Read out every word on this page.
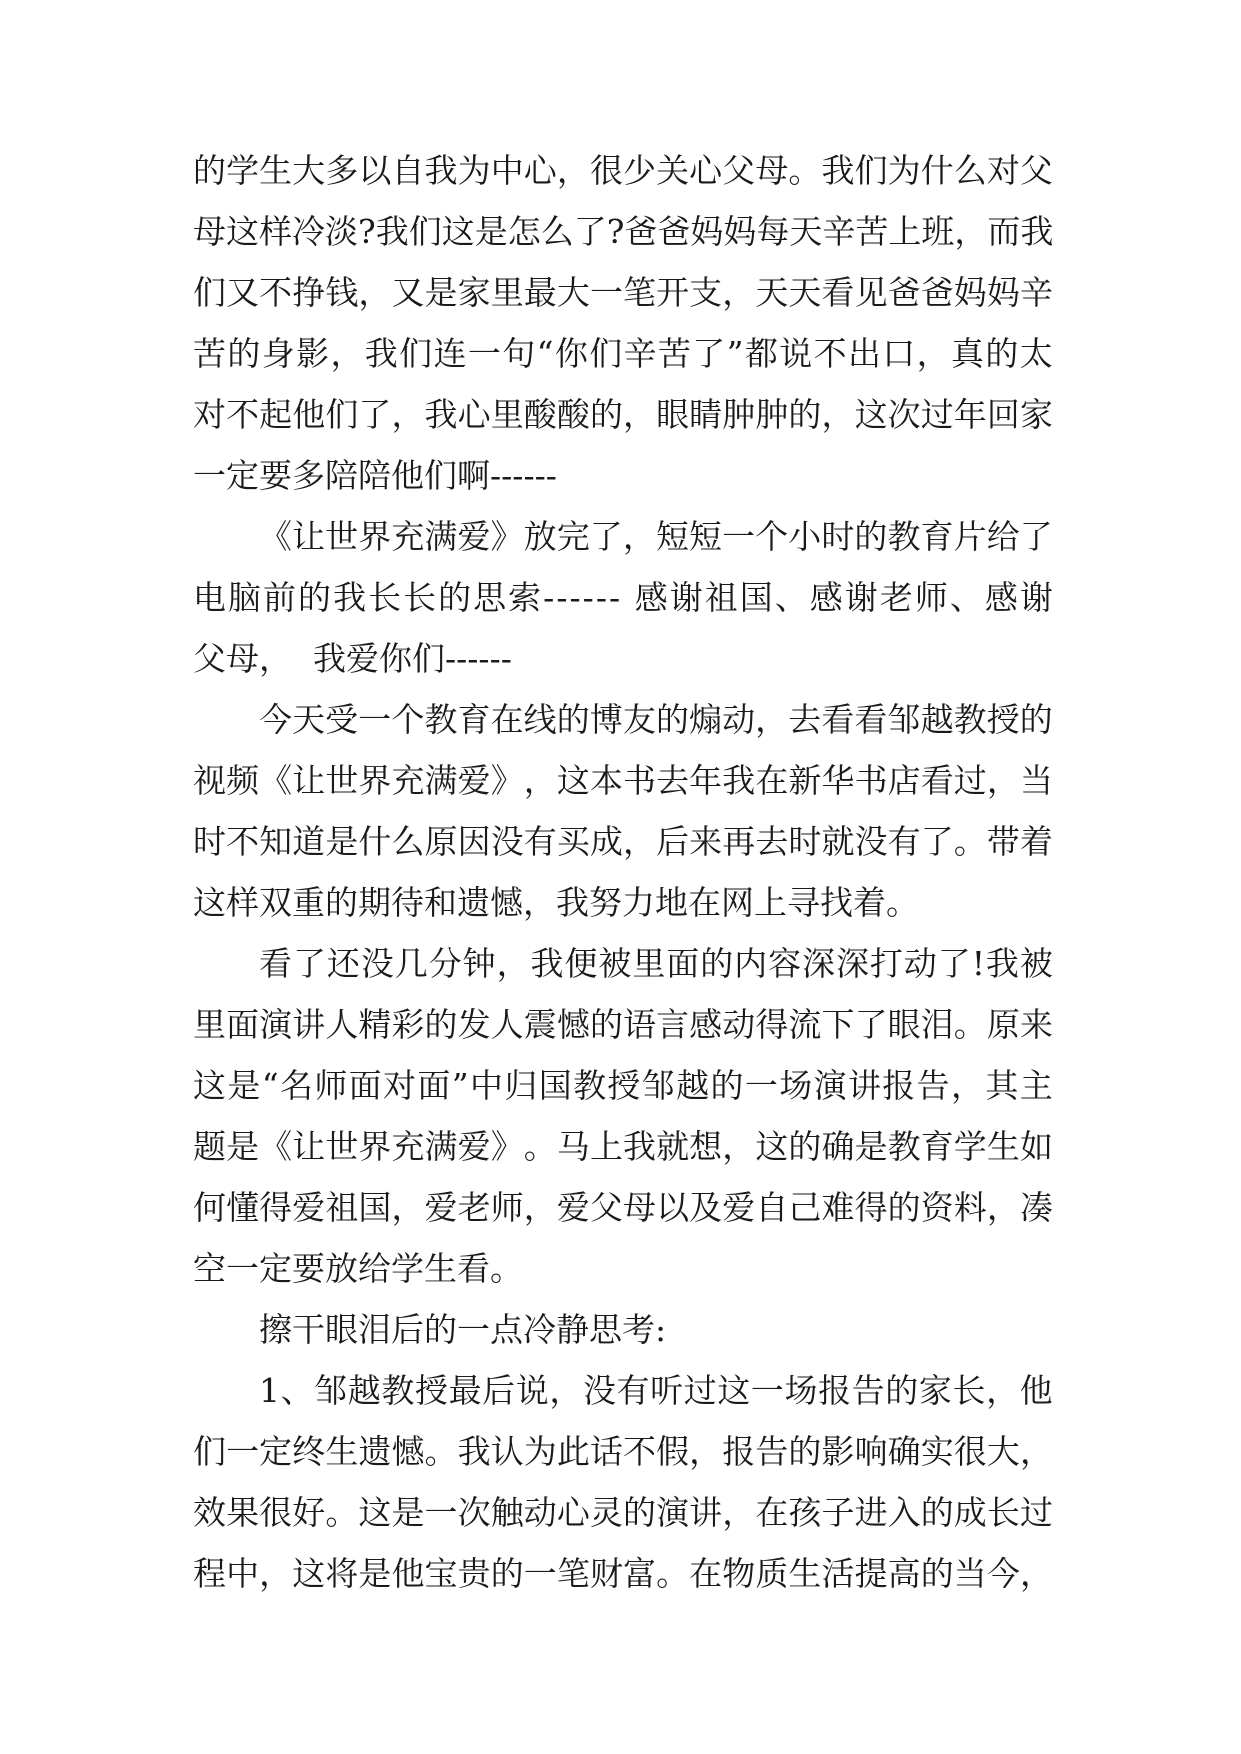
的 学 生 大 多 以 自 我 为 中 心 ， 很 少 关 心 父 母 。 我 们 为 什 么 对 父
母 这 样 冷 淡 ? 我 们 这 是 怎 么 了 ? 爸 爸 妈 妈 每 天 辛 苦 上 班 ， 而 我
们 又 不 挣 钱 ， 又 是 家 里 最 大 一 笔 开 支 ， 天 天 看 见 爸 爸 妈 妈 辛
苦 的 身 影 ， 我 们 连 一 句 “ 你 们 辛 苦 了 ” 都 说 不 出 口 ， 真 的 太
对 不 起 他 们 了 ， 我 心 里 酸 酸 的 ， 眼 睛 肿 肿 的 ， 这 次 过 年 回 家
一定要多陪陪他们啊------
《 让 世 界 充 满 爱 》 放 完 了 ， 短 短 一 个 小 时 的 教 育 片 给 了
电 脑 前 的 我 长 长 的 思 索 - - - - - -
感 谢 祖 国 、 感 谢 老 师 、 感 谢
父母，  我爱你们------
今 天 受 一 个 教 育 在 线 的 博 友 的 煽 动 ， 去 看 看 邹 越 教 授 的
视 频 《 让 世 界 充 满 爱 》 ， 这 本 书 去 年 我 在 新 华 书 店 看 过 ， 当
时 不 知 道 是 什 么 原 因 没 有 买 成 ， 后 来 再 去 时 就 没 有 了 。 带 着
这样双重的期待和遗憾，我努力地在网上寻找着。
看 了 还 没 几 分 钟 ， 我 便 被 里 面 的 内 容 深 深 打 动 了 ! 我 被
里 面 演 讲 人 精 彩 的 发 人 震 憾 的 语 言 感 动 得 流 下 了 眼 泪 。 原 来
这 是 “ 名 师 面 对 面 ” 中 归 国 教 授 邹 越 的 一 场 演 讲 报 告 ， 其 主
题 是 《 让 世 界 充 满 爱 》 。 马 上 我 就 想 ， 这 的 确 是 教 育 学 生 如
何 懂 得 爱 祖 国 ， 爱 老 师 ， 爱 父 母 以 及 爱 自 己 难 得 的 资 料 ， 凑
空一定要放给学生看。
擦干眼泪后的一点冷静思考:
1 、 邹 越 教 授 最 后 说 ， 没 有 听 过 这 一 场 报 告 的 家 长 ， 他
们 一 定 终 生 遗 憾 。 我 认 为 此 话 不 假 ， 报 告 的 影 响 确 实 很 大 ，
效 果 很 好 。 这 是 一 次 触 动 心 灵 的 演 讲 ， 在 孩 子 进 入 的 成 长 过
程 中 ， 这 将 是 他 宝 贵 的 一 笔 财 富 。 在 物 质 生 活 提 高 的 当 今 ，
